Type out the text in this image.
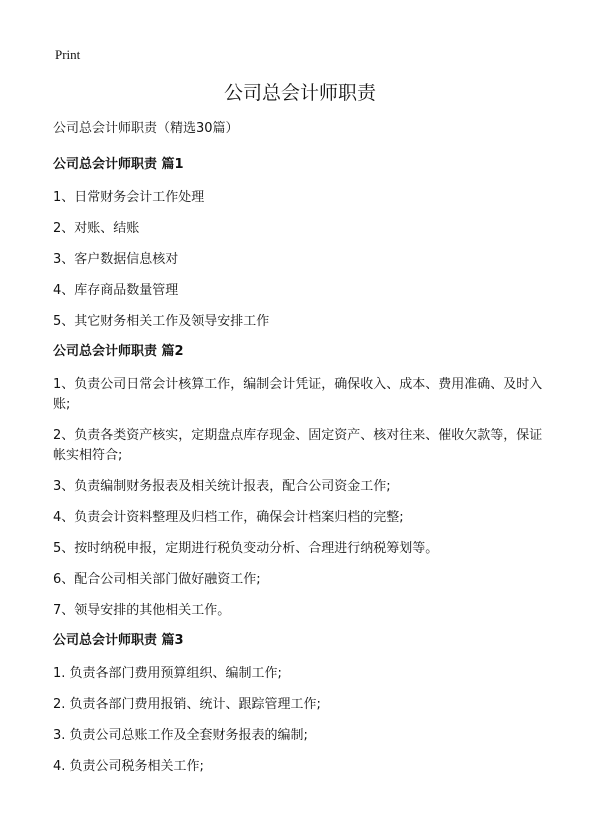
Print
公司总会计师职责

公司总会计师职责（精选30篇）

公司总会计师职责 篇1

1、日常财务会计工作处理

2、对账、结账

3、客户数据信息核对

4、库存商品数量管理

5、其它财务相关工作及领导安排工作

公司总会计师职责 篇2

1、负责公司日常会计核算工作，编制会计凭证，确保收入、成本、费用准确、及时入账;

2、负责各类资产核实，定期盘点库存现金、固定资产、核对往来、催收欠款等，保证帐实相符合;

3、负责编制财务报表及相关统计报表，配合公司资金工作;

4、负责会计资料整理及归档工作，确保会计档案归档的完整;

5、按时纳税申报，定期进行税负变动分析、合理进行纳税筹划等。

6、配合公司相关部门做好融资工作;

7、领导安排的其他相关工作。

公司总会计师职责 篇3

1. 负责各部门费用预算组织、编制工作;

2. 负责各部门费用报销、统计、跟踪管理工作;

3. 负责公司总账工作及全套财务报表的编制;

4. 负责公司税务相关工作;
